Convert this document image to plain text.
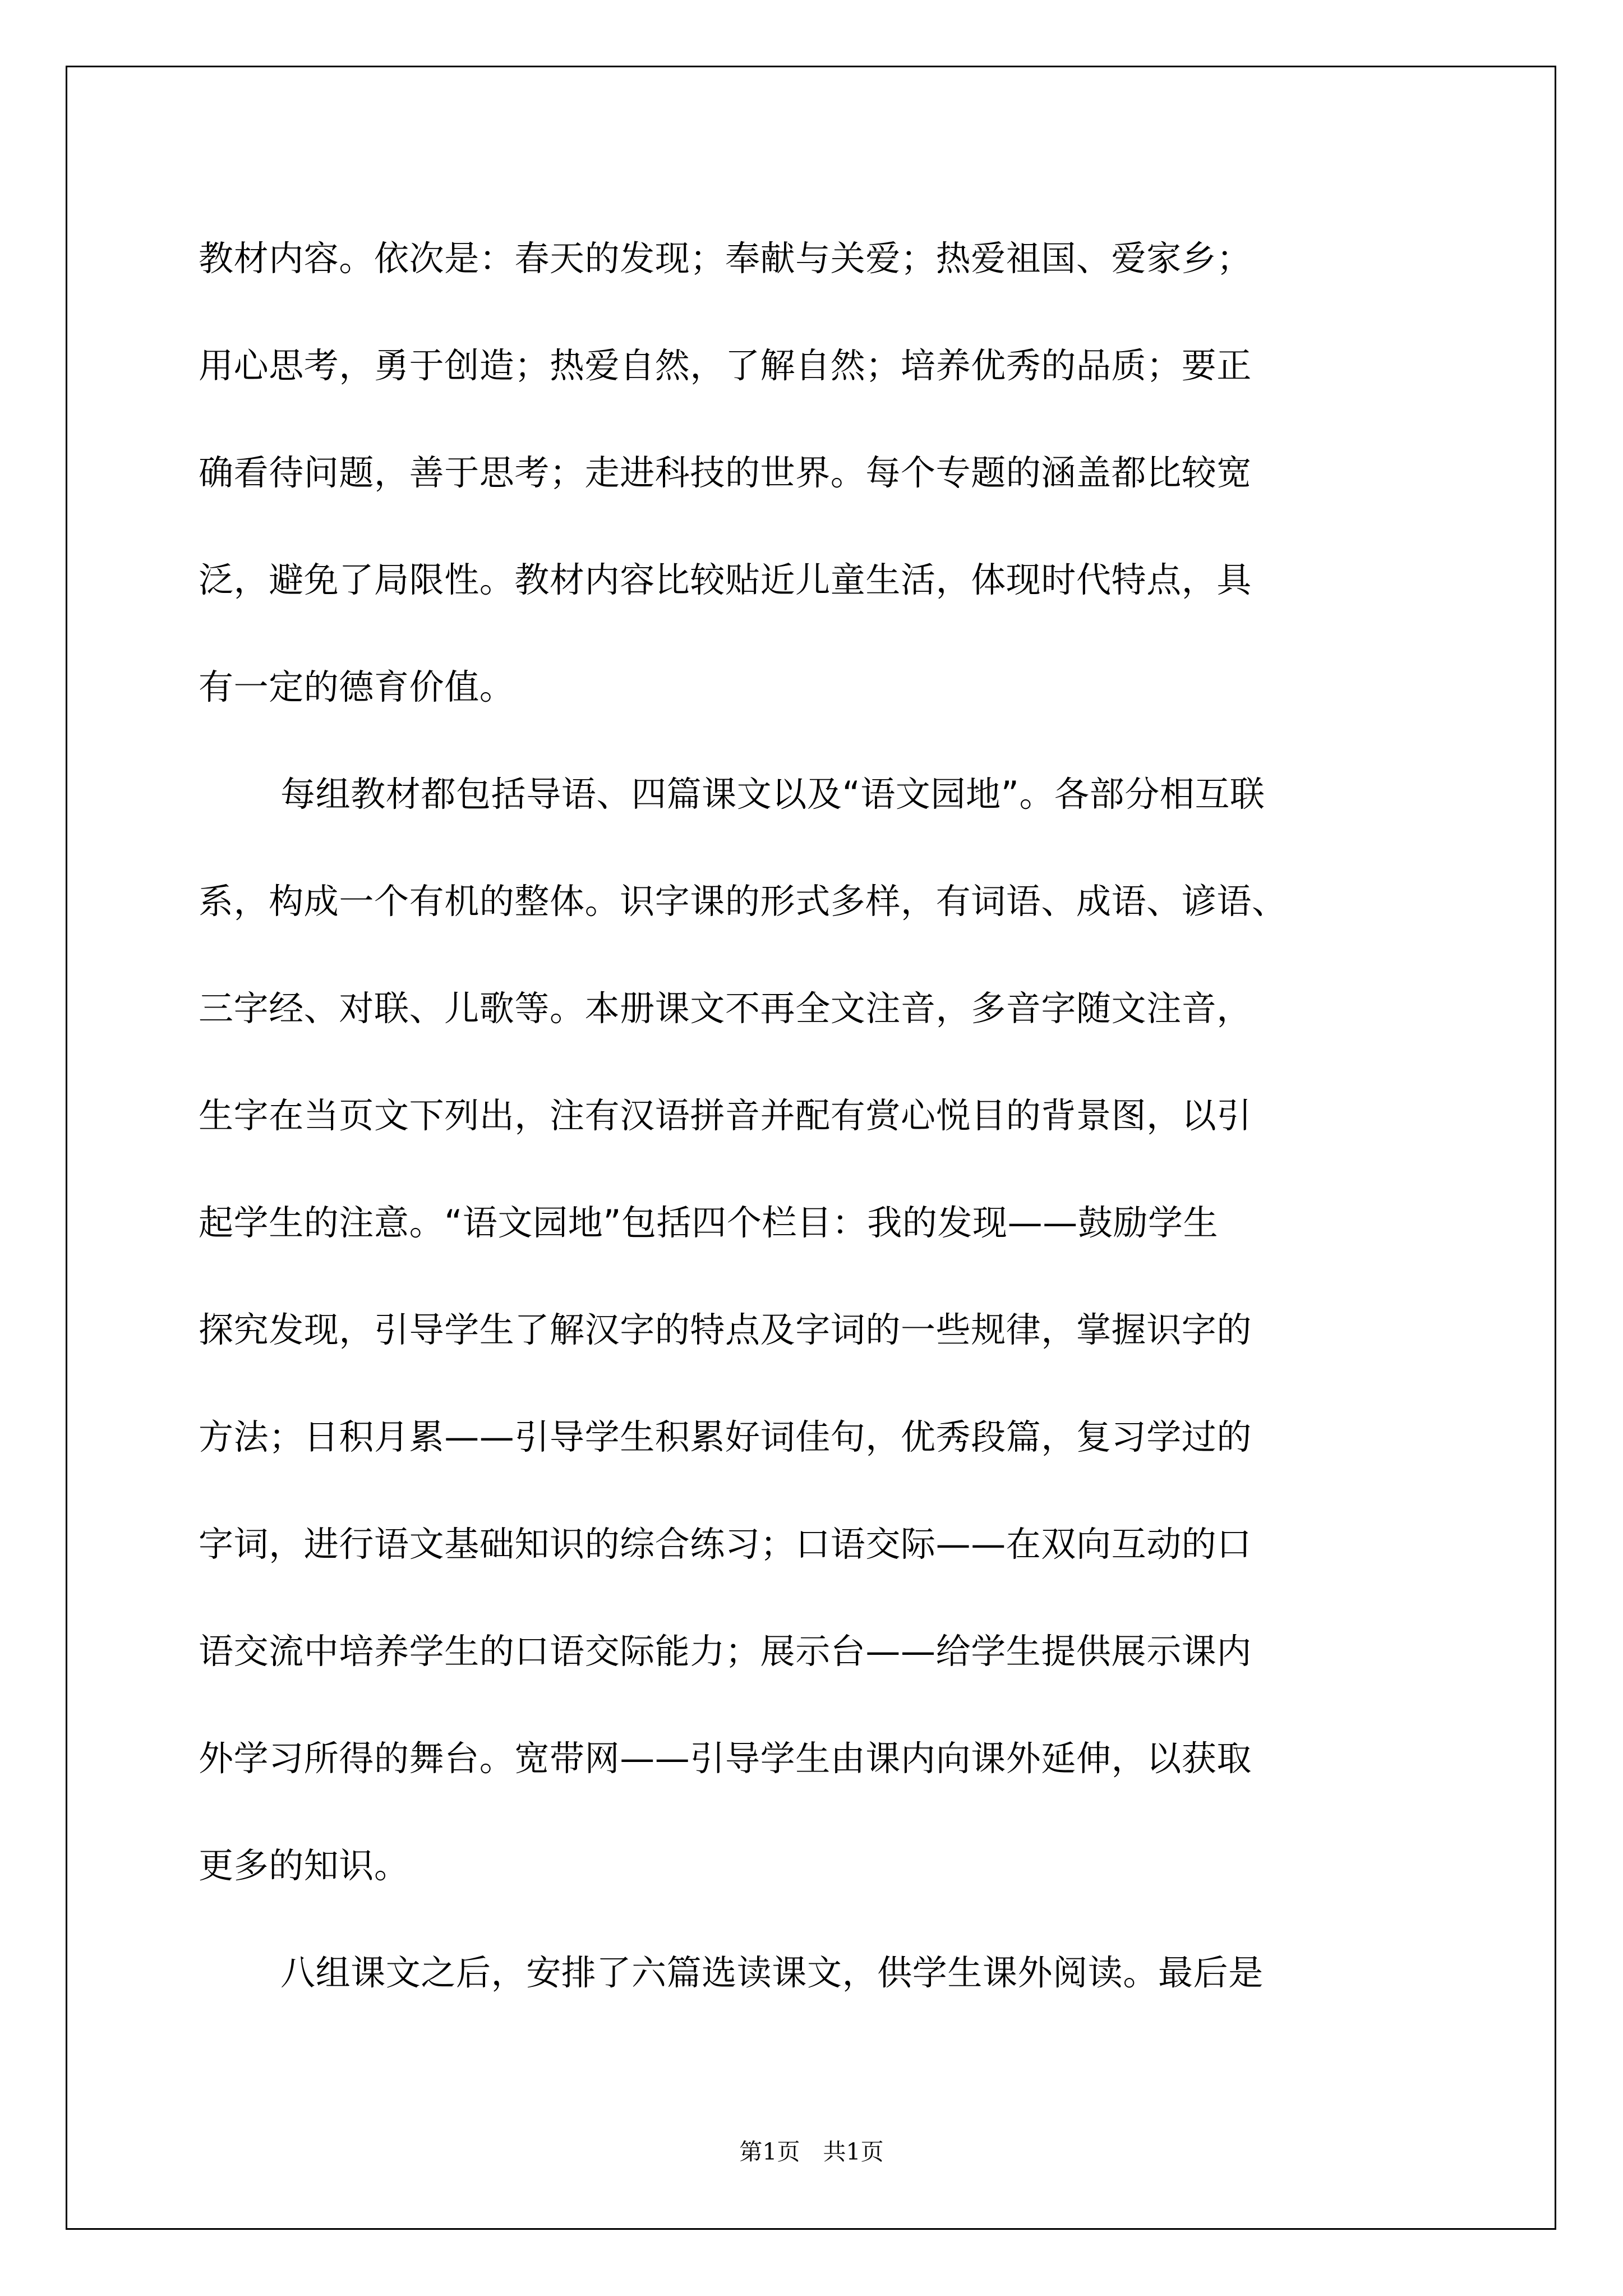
教材内容。依次是：春天的发现；奉献与关爱；热爱祖国、爱家乡；
用心思考，勇于创造；热爱自然，了解自然；培养优秀的品质；要正
确看待问题，善于思考；走进科技的世界。每个专题的涵盖都比较宽
泛，避免了局限性。教材内容比较贴近儿童生活，体现时代特点，具
有一定的德育价值。
每组教材都包括导语、四篇课文以及“语文园地”。各部分相互联
系，构成一个有机的整体。识字课的形式多样，有词语、成语、谚语、
三字经、对联、儿歌等。本册课文不再全文注音，多音字随文注音，
生字在当页文下列出，注有汉语拼音并配有赏心悦目的背景图，以引
起学生的注意。“语文园地”包括四个栏目：我的发现——鼓励学生
探究发现，引导学生了解汉字的特点及字词的一些规律，掌握识字的
方法；日积月累——引导学生积累好词佳句，优秀段篇，复习学过的
字词，进行语文基础知识的综合练习；口语交际——在双向互动的口
语交流中培养学生的口语交际能力；展示台——给学生提供展示课内
外学习所得的舞台。宽带网——引导学生由课内向课外延伸，以获取
更多的知识。
八组课文之后，安排了六篇选读课文，供学生课外阅读。最后是
第1页　共1页
